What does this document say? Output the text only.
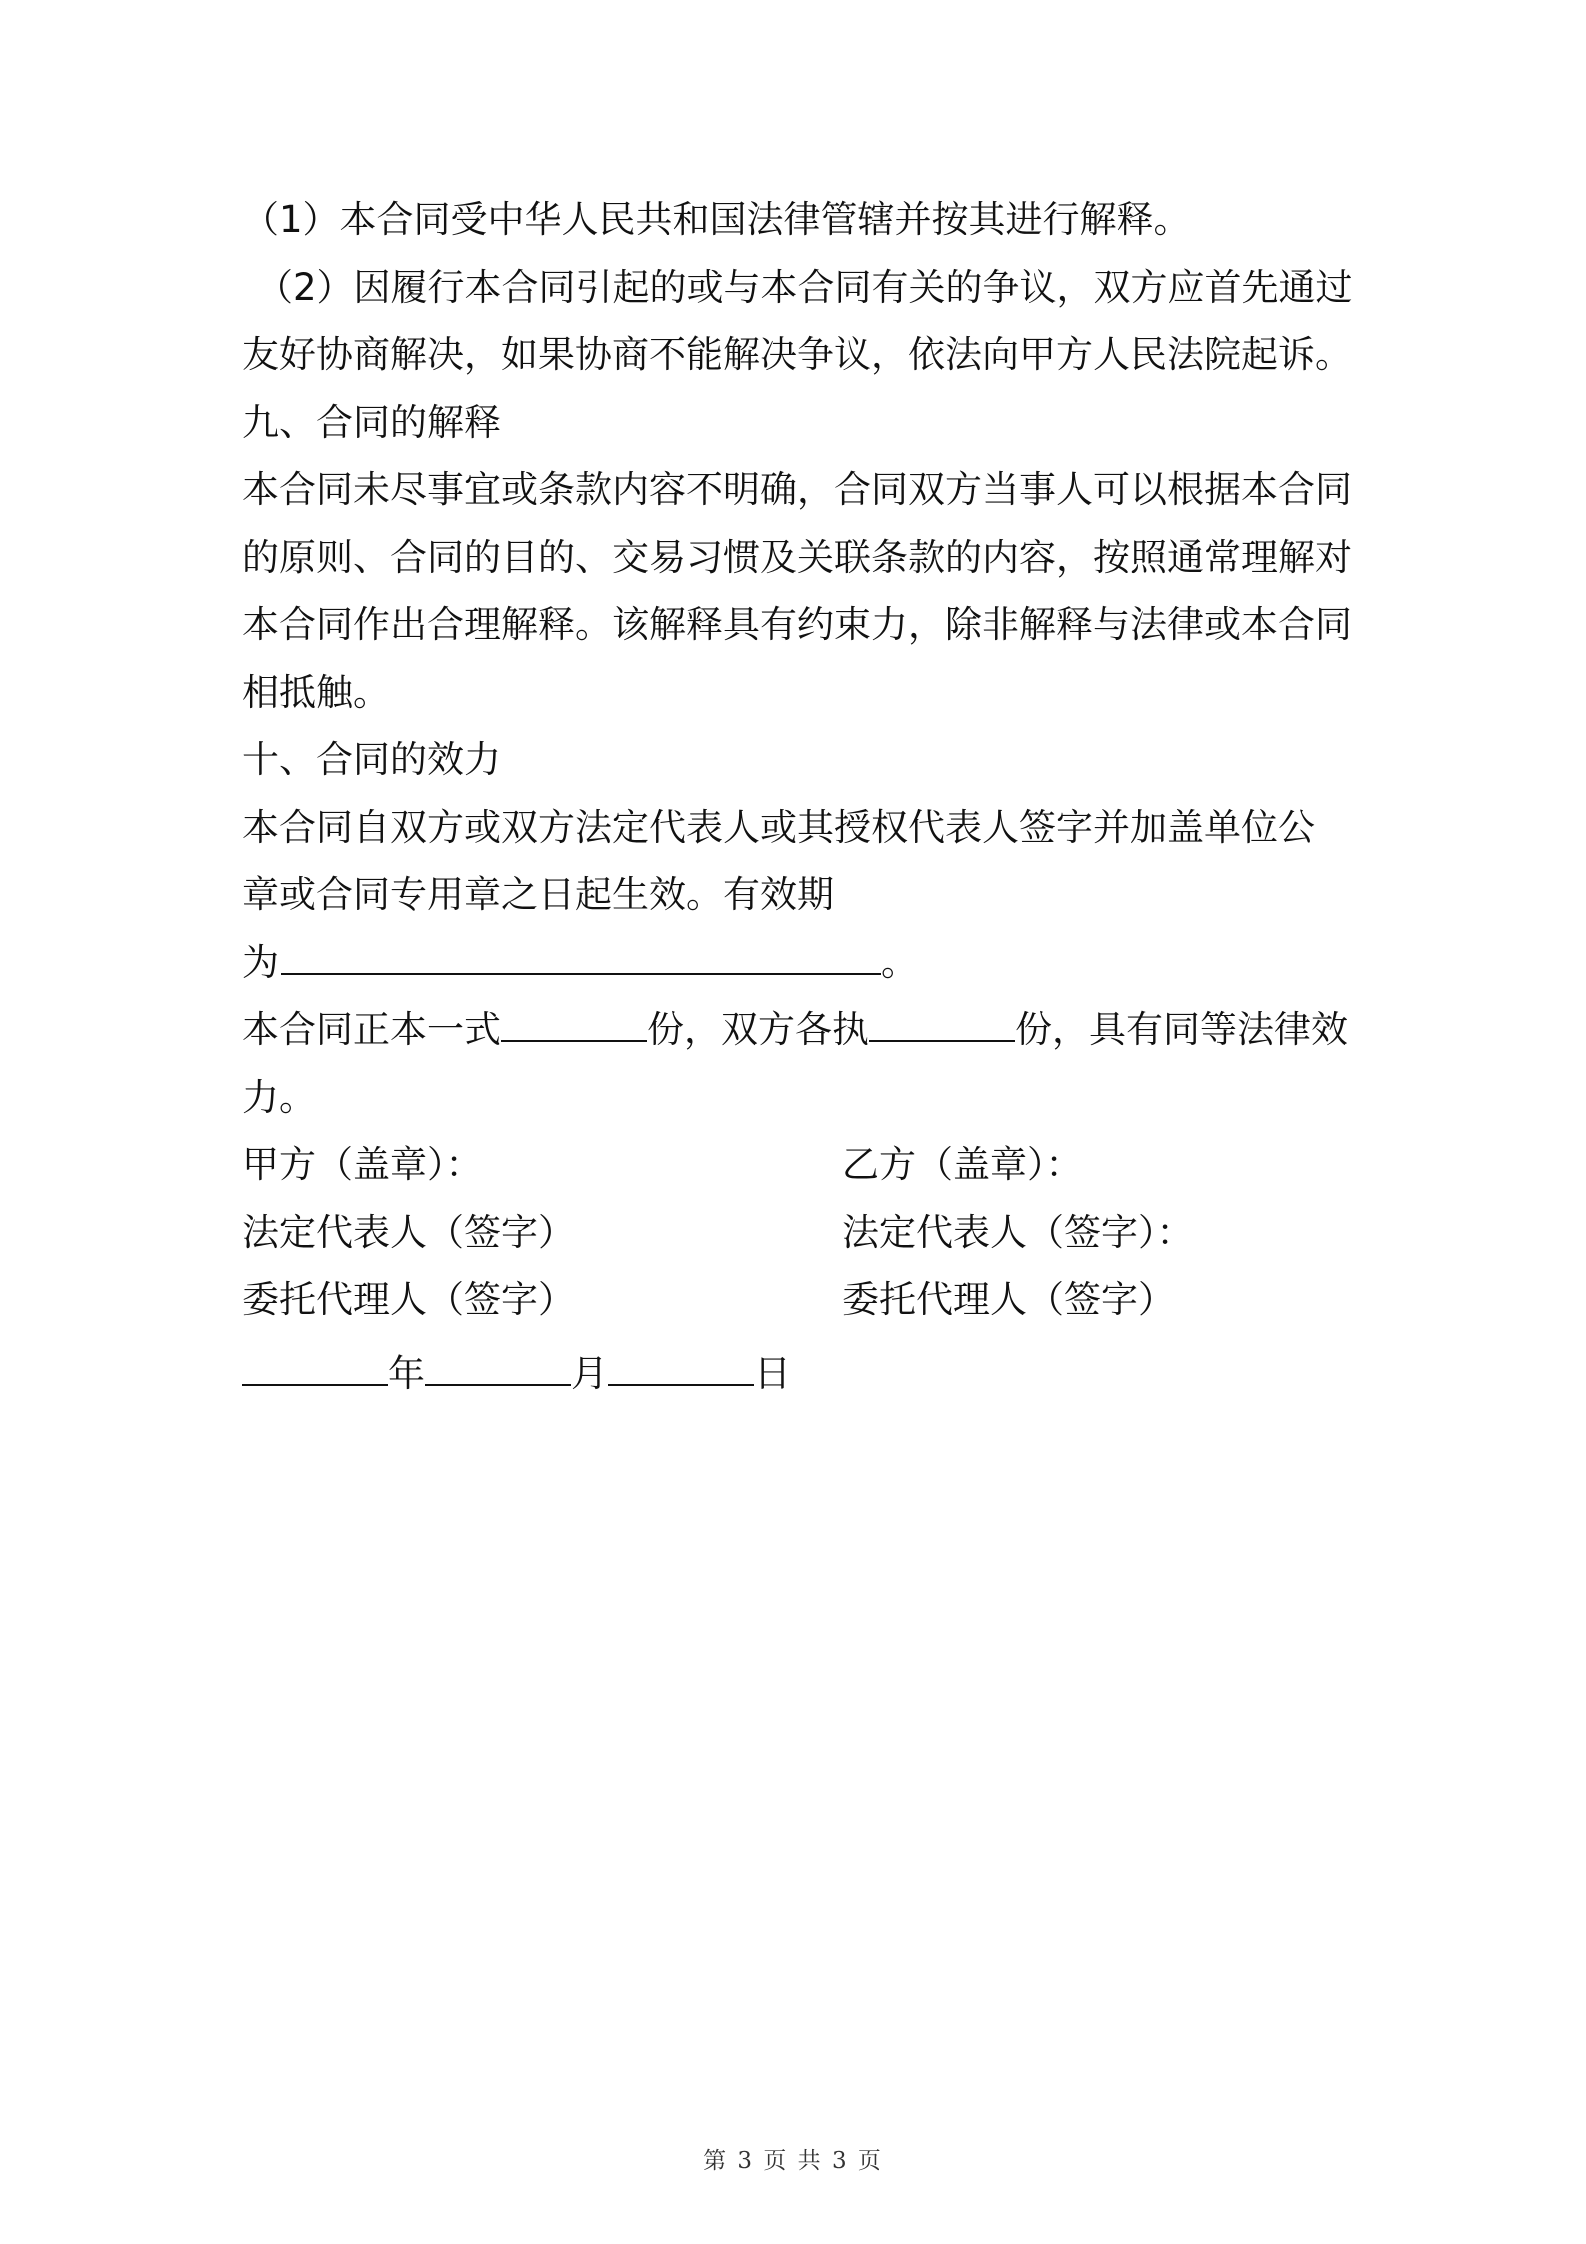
（1）本合同受中华人民共和国法律管辖并按其进行解释。
（2）因履行本合同引起的或与本合同有关的争议，双方应首先通过
友好协商解决，如果协商不能解决争议，依法向甲方人民法院起诉。
九、合同的解释
本合同未尽事宜或条款内容不明确，合同双方当事人可以根据本合同
的原则、合同的目的、交易习惯及关联条款的内容，按照通常理解对
本合同作出合理解释。该解释具有约束力，除非解释与法律或本合同
相抵触。
十、合同的效力
本合同自双方或双方法定代表人或其授权代表人签字并加盖单位公
章或合同专用章之日起生效。有效期
为	。
本合同正本一式	份，双方各执	份，具有同等法律效
力。
甲方（盖章）：	乙方（盖章）：
法定代表人（签字）	法定代表人（签字）：
委托代理人（签字）	委托代理人（签字）
年	月	日
第 3 页 共 3 页
